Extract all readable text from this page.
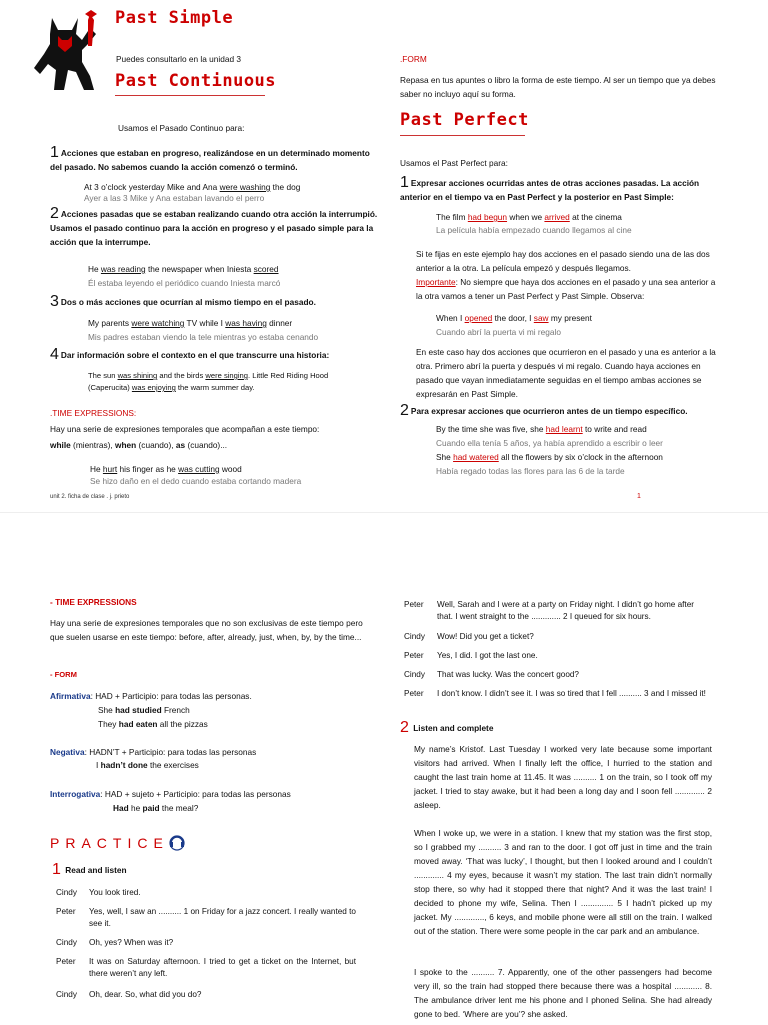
Past Simple
Puedes consultarlo en la unidad 3
Past Continuous
Usamos el Pasado Continuo para:
1 Acciones que estaban en progreso, realizándose en un determinado momento del pasado. No sabemos cuando la acción comenzó o terminó.
At 3 o’clock yesterday Mike and Ana were washing the dog
Ayer a las 3 Mike y Ana estaban lavando el perro
2 Acciones pasadas que se estaban realizando cuando otra acción la interrumpió. Usamos el pasado continuo para la acción en progreso y el pasado simple para la acción que la interrumpe.
He was reading the newspaper when Iniesta scored
Él estaba leyendo el periódico cuando Iniesta marcó
3 Dos o más acciones que ocurrían al mismo tiempo en el pasado.
My parents were watching TV while I was having dinner
Mis padres estaban viendo la tele mientras yo estaba cenando
4 Dar información sobre el contexto en el que transcurre una historia:
The sun was shining and the birds were singing. Little Red Riding Hood
(Caperucita) was enjoying the warm summer day.
.TIME EXPRESSIONS:
Hay una serie de expresiones temporales que acompañan a este tiempo:
while (mientras), when (cuando), as (cuando)...
He hurt his finger as he was cutting wood
Se hizo daño en el dedo cuando estaba cortando madera
unit 2. ficha de clase . j. prieto
.FORM
Repasa en tus apuntes o libro la forma de este tiempo. Al ser un tiempo que ya debes saber no incluyo aquí su forma.
Past Perfect
Usamos el Past Perfect para:
1 Expresar acciones ocurridas antes de otras acciones pasadas. La acción anterior en el tiempo va en Past Perfect y la posterior en Past Simple:
The film had begun when we arrived at the cinema
La película había empezado cuando llegamos al cine
Si te fijas en este ejemplo hay dos acciones en el pasado siendo una de las dos anterior a la otra. La película empezó y después llegamos.
Importante: No siempre que haya dos acciones en el pasado y una sea anterior a la otra vamos a tener un Past Perfect y Past Simple. Observa:
When I opened the door, I saw my present
Cuando abrí la puerta vi mi regalo
En este caso hay dos acciones que ocurrieron en el pasado y una es anterior a la otra. Primero abrí la puerta y después vi mi regalo. Cuando haya acciones en pasado que vayan inmediatamente seguidas en el tiempo ambas acciones se expresarán en Past Simple.
2 Para expresar acciones que ocurrieron antes de un tiempo específico.
By the time she was five, she had learnt to write and read
Cuando ella tenía 5 años, ya había aprendido a escribir o leer
She had watered all the flowers by six o’clock in the afternoon
Había regado todas las flores para las 6 de la tarde
1
- TIME EXPRESSIONS
Hay una serie de expresiones temporales que no son exclusivas de este tiempo pero que suelen usarse en este tiempo: before, after, already, just, when, by, by the time...
- FORM
Afirmativa: HAD + Participio: para todas las personas.
She had studied French
They had eaten all the pizzas
Negativa: HADN’T + Participio: para todas las personas
I hadn’t done the exercises
Interrogativa: HAD + sujeto + Participio: para todas las personas
Had he paid the meal?
PRACTICE
1 Read and listen
Cindy	You look tired.
Peter	Yes, well, I saw an .......... 1 on Friday for a jazz concert. I really wanted to see it.
Cindy	Oh, yes? When was it?
Peter	It was on Saturday afternoon. I tried to get a ticket on the Internet, but there weren’t any left.
Cindy	Oh, dear. So, what did you do?
Peter	Well, Sarah and I were at a party on Friday night. I didn’t go home after that. I went straight to the ............. 2 I queued for six hours.
Cindy	Wow! Did you get a ticket?
Peter	Yes, I did. I got the last one.
Cindy	That was lucky. Was the concert good?
Peter	I don’t know. I didn’t see it. I was so tired that I fell .......... 3 and I missed it!
2 Listen and complete
My name’s Kristof. Last Tuesday I worked very late because some important visitors had arrived. When I finally left the office, I hurried to the station and caught the last train home at 11.45. It was .......... 1 on the train, so I took off my jacket. I tried to stay awake, but it had been a long day and I soon fell ............. 2 asleep.
When I woke up, we were in a station. I knew that my station was the first stop, so I grabbed my .......... 3 and ran to the door. I got off just in time and the train moved away. ‘That was lucky’, I thought, but then I looked around and I couldn’t ............. 4 my eyes, because it wasn’t my station. The last train didn’t normally stop there, so why had it stopped there that night? And it was the last train! I decided to phone my wife, Selina. Then I .............. 5 I hadn’t picked up my jacket. My ............., 6 keys, and mobile phone were all still on the train. I walked out of the station. There were some people in the car park and an ambulance.
I spoke to the .......... 7. Apparently, one of the other passengers had become very ill, so the train had stopped there because there was a hospital ............ 8. The ambulance driver lent me his phone and I phoned Selina. She had already gone to bed. ‘Where are you’? she asked.
